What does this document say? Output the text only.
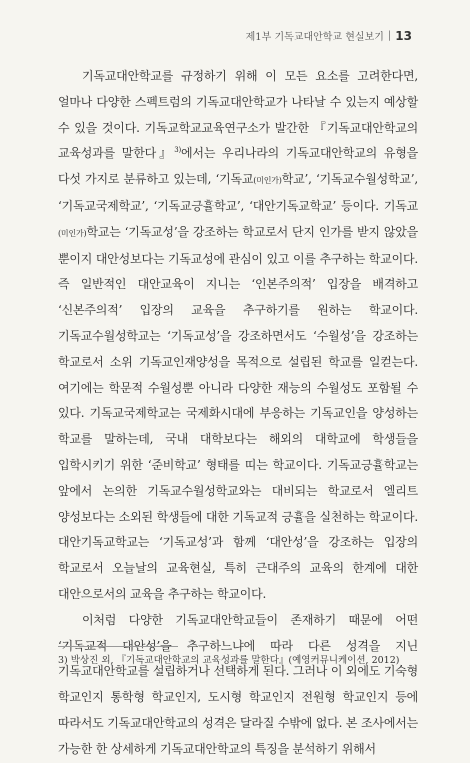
제1부 기독교대안학교 현실보기 | 13

기독교대안학교를 규정하기 위해 이 모든 요소를 고려한다면, 얼마나 다양한 스펙트럼의 기독교대안학교가 나타날 수 있는지 예상할 수 있을 것이다. 기독교학교교육연구소가 발간한 『기독교대안학교의 교육성과를 말한다』$^{3)}$에서는 우리나라의 기독교대안학교의 유형을 다섯 가지로 분류하고 있는데, ‘기독교(미인가)학교’, ‘기독교수월성학교’, ‘기독교국제학교’, ‘기독교긍휼학교’, ‘대안기독교학교’ 등이다. 기독교(미인가)학교는 ‘기독교성’을 강조하는 학교로서 단지 인가를 받지 않았을 뿐이지 대안성보다는 기독교성에 관심이 있고 이를 추구하는 학교이다. 즉 일반적인 대안교육이 지니는 ‘인본주의적’ 입장을 배격하고 ‘신본주의적’ 입장의 교육을 추구하기를 원하는 학교이다. 기독교수월성학교는 ‘기독교성’을 강조하면서도 ‘수월성’을 강조하는 학교로서 소위 기독교인재양성을 목적으로 설립된 학교를 일컫는다. 여기에는 학문적 수월성뿐 아니라 다양한 재능의 수월성도 포함될 수 있다. 기독교국제학교는 국제화시대에 부응하는 기독교인을 양성하는 학교를 말하는데, 국내 대학보다는 해외의 대학교에 학생들을 입학시키기 위한 ‘준비학교’ 형태를 띠는 학교이다. 기독교긍휼학교는 앞에서 논의한 기독교수월성학교와는 대비되는 학교로서 엘리트 양성보다는 소외된 학생들에 대한 기독교적 긍휼을 실천하는 학교이다. 대안기독교학교는 ‘기독교성’과 함께 ‘대안성’을 강조하는 입장의 학교로서 오늘날의 교육현실, 특히 근대주의 교육의 한계에 대한 대안으로서의 교육을 추구하는 학교이다.

이처럼 다양한 기독교대안학교들이 존재하기 때문에 어떤 ‘기독교적 대안성’을 추구하느냐에 따라 다른 성격을 지닌 기독교대안학교를 설립하거나 선택하게 된다. 그러나 이 외에도 기숙형 학교인지 통학형 학교인지, 도시형 학교인지 전원형 학교인지 등에 따라서도 기독교대안학교의 성격은 달라질 수밖에 없다. 본 조사에서는 가능한 한 상세하게 기독교대안학교의 특징을 분석하기 위해서

3) 박상진 외, 『기독교대안학교의 교육성과를 말한다』(예영커뮤니케이션, 2012)
